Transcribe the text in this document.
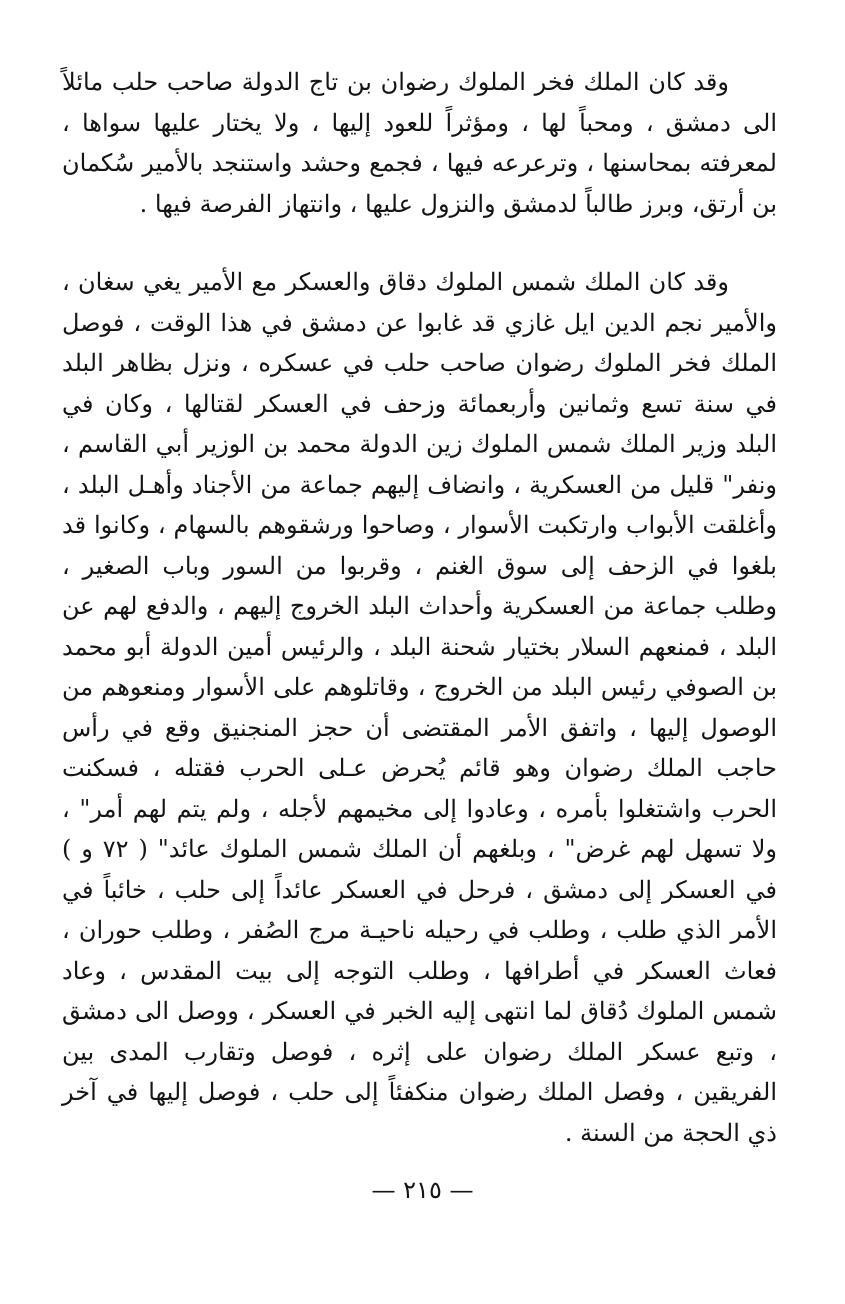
وقد كان الملك فخر الملوك رضوان بن تاج الدولة صاحب حلب مائلاً الى دمشق ، ومحباً لها ، ومؤثراً للعود إليها ، ولا يختار عليها سواها ، لمعرفته بمحاسنها ، وترعرعه فيها ، فجمع وحشد واستنجد بالأمير سُكمان بن أرتق، وبرز طالباً لدمشق والنزول عليها ، وانتهاز الفرصة فيها .

وقد كان الملك شمس الملوك دقاق والعسكر مع الأمير يغي سغان ، والأمير نجم الدين ايل غازي قد غابوا عن دمشق في هذا الوقت ، فوصل الملك فخر الملوك رضوان صاحب حلب في عسكره ، ونزل بظاهر البلد في سنة تسع وثمانين وأربعمائة وزحف في العسكر لقتالها ، وكان في البلد وزير الملك شمس الملوك زين الدولة محمد بن الوزير أبي القاسم ، ونفر" قليل من العسكرية ، وانضاف إليهم جماعة من الأجناد وأهـل البلد ، وأغلقت الأبواب وارتكبت الأسوار ، وصاحوا ورشقوهم بالسهام ، وكانوا قد بلغوا في الزحف إلى سوق الغنم ، وقربوا من السور وباب الصغير ، وطلب جماعة من العسكرية وأحداث البلد الخروج إليهم ، والدفع لهم عن البلد ، فمنعهم السلار بختيار شحنة البلد ، والرئيس أمين الدولة أبو محمد بن الصوفي رئيس البلد من الخروج ، وقاتلوهم على الأسوار ومنعوهم من الوصول إليها ، واتفق الأمر المقتضى أن حجز المنجنيق وقع في رأس حاجب الملك رضوان وهو قائم يُحرض عـلى الحرب فقتله ، فسكنت الحرب واشتغلوا بأمره ، وعادوا إلى مخيمهم لأجله ، ولم يتم لهم أمر" ، ولا تسهل لهم غرض" ، وبلغهم أن الملك شمس الملوك عائد" ( ٧٢ و ) في العسكر إلى دمشق ، فرحل في العسكر عائداً إلى حلب ، خائباً في الأمر الذي طلب ، وطلب في رحيله ناحيـة مرج الصُفر ، وطلب حوران ، فعاث العسكر في أطرافها ، وطلب التوجه إلى بيت المقدس ، وعاد شمس الملوك دُقاق لما انتهى إليه الخبر في العسكر ، ووصل الى دمشق ، وتبع عسكر الملك رضوان على إثره ، فوصل وتقارب المدى بين الفريقين ، وفصل الملك رضوان منكفئاً إلى حلب ، فوصل إليها في آخر ذي الحجة من السنة .

— ٢١٥ —
